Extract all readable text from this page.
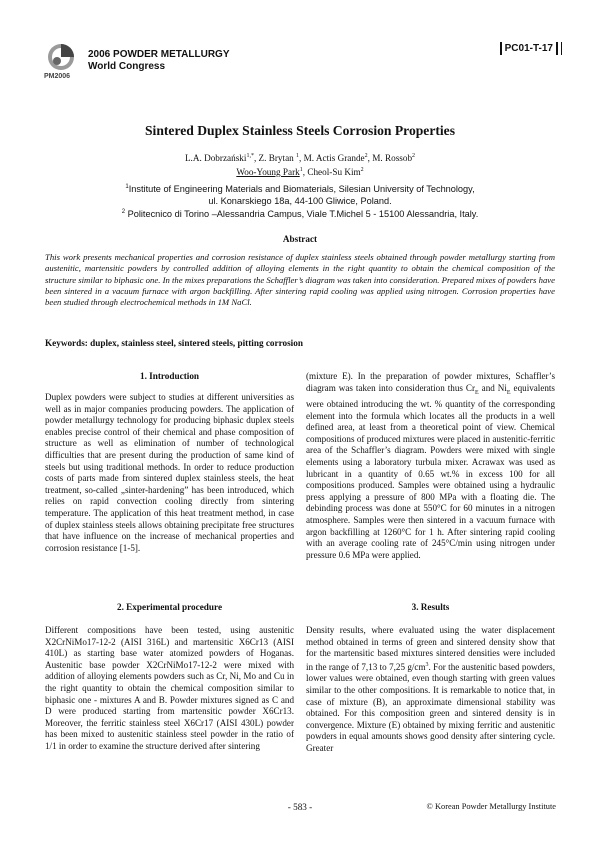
PM2006
2006 POWDER METALLURGY
World Congress
PC01-T-17
Sintered Duplex Stainless Steels Corrosion Properties
L.A. Dobrzański$^{1,*}$, Z. Brytan $^1$, M. Actis Grande$^2$, M. Rossob$^2$
Woo-Young Park$^1$, Cheol-Su Kim$^2$
$^1$Institute of Engineering Materials and Biomaterials, Silesian University of Technology,
ul. Konarskiego 18a, 44-100 Gliwice, Poland.
$^2$ Politecnico di Torino –Alessandria Campus, Viale T.Michel 5 - 15100 Alessandria, Italy.
Abstract
This work presents mechanical properties and corrosion resistance of duplex stainless steels obtained through powder metallurgy starting from austenitic, martensitic powders by controlled addition of alloying elements in the right quantity to obtain the chemical composition of the structure similar to biphasic one. In the mixes preparations the Schaffler’s diagram was taken into consideration. Prepared mixes of powders have been sintered in a vacuum furnace with argon backfilling. After sintering rapid cooling was applied using nitrogen. Corrosion properties have been studied through electrochemical methods in 1M NaCl.
Keywords: duplex, stainless steel, sintered steels, pitting corrosion
1. Introduction
Duplex powders were subject to studies at different universities as well as in major companies producing powders. The application of powder metallurgy technology for producing biphasic duplex steels enables precise control of their chemical and phase composition of structure as well as elimination of number of technological difficulties that are present during the production of same kind of steels but using traditional methods. In order to reduce production costs of parts made from sintered duplex stainless steels, the heat treatment, so-called „sinter-hardening” has been introduced, which relies on rapid convection cooling directly from sintering temperature. The application of this heat treatment method, in case of duplex stainless steels allows obtaining precipitate free structures that have influence on the increase of mechanical properties and corrosion resistance [1-5].
2. Experimental procedure
Different compositions have been tested, using austenitic X2CrNiMo17-12-2 (AISI 316L) and martensitic X6Cr13 (AISI 410L) as starting base water atomized powders of Hoganas. Austenitic base powder X2CrNiMo17-12-2 were mixed with addition of alloying elements powders such as Cr, Ni, Mo and Cu in the right quantity to obtain the chemical composition similar to biphasic one - mixtures A and B. Powder mixtures signed as C and D were produced starting from martensitic powder X6Cr13. Moreover, the ferritic stainless steel X6Cr17 (AISI 430L) powder has been mixed to austenitic stainless steel powder in the ratio of 1/1 in order to examine the structure derived after sintering
(mixture E). In the preparation of powder mixtures, Schaffler’s diagram was taken into consideration thus $Cr_E$ and $Ni_E$ equivalents were obtained introducing the wt. % quantity of the corresponding element into the formula which locates all the products in a well defined area, at least from a theoretical point of view. Chemical compositions of produced mixtures were placed in austenitic-ferritic area of the Schaffler’s diagram. Powders were mixed with single elements using a laboratory turbula mixer. Acrawax was used as lubricant in a quantity of 0.65 wt.% in excess 100 for all compositions produced. Samples were obtained using a hydraulic press applying a pressure of 800 MPa with a floating die. The debinding process was done at 550°C for 60 minutes in a nitrogen atmosphere. Samples were then sintered in a vacuum furnace with argon backfilling at 1260°C for 1 h. After sintering rapid cooling with an average cooling rate of 245°C/min using nitrogen under pressure 0.6 MPa were applied.
3. Results
Density results, where evaluated using the water displacement method obtained in terms of green and sintered density show that for the martensitic based mixtures sintered densities were included in the range of 7,13 to 7,25 $g/cm^3$. For the austenitic based powders, lower values were obtained, even though starting with green values similar to the other compositions. It is remarkable to notice that, in case of mixture (B), an approximate dimensional stability was obtained. For this composition green and sintered density is in convergence. Mixture (E) obtained by mixing ferritic and austenitic powders in equal amounts shows good density after sintering cycle. Greater
- 583 -	© Korean Powder Metallurgy Institute
